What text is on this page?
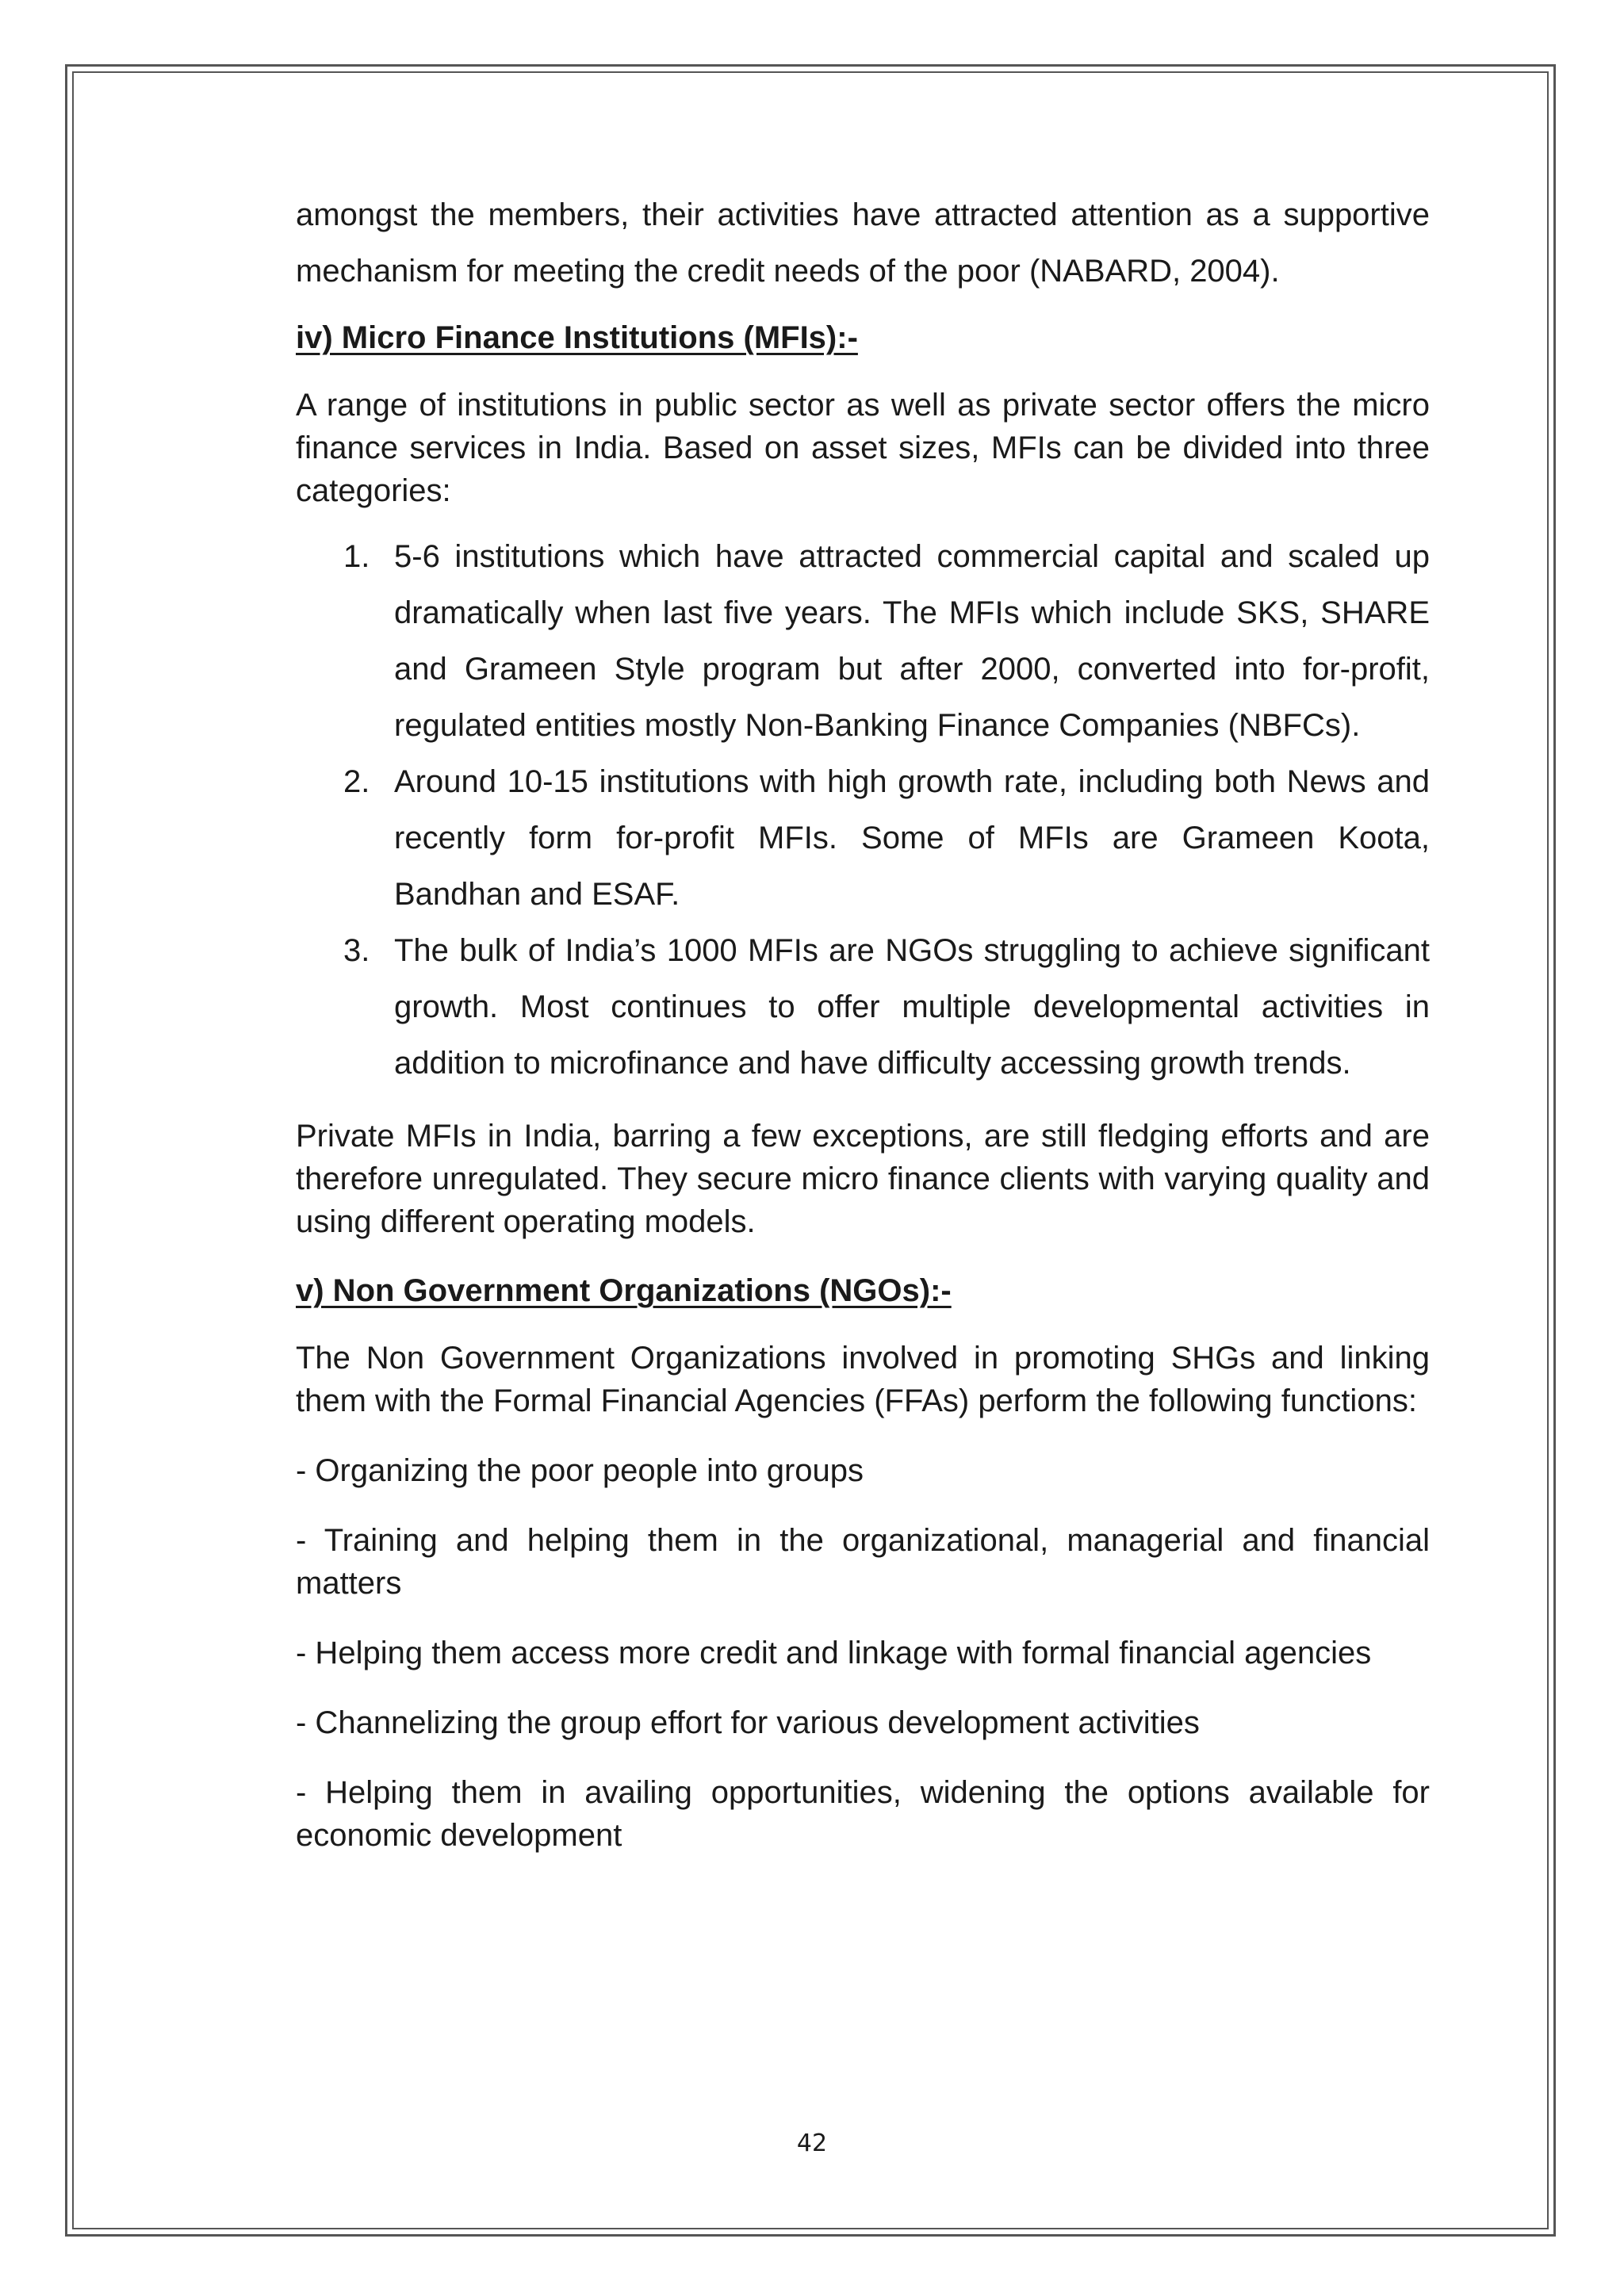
amongst the members, their activities have attracted attention as a supportive mechanism for meeting the credit needs of the poor (NABARD, 2004).

iv) Micro Finance Institutions (MFIs):-

A range of institutions in public sector as well as private sector offers the micro finance services in India. Based on asset sizes, MFIs can be divided into three categories:

1. 5-6 institutions which have attracted commercial capital and scaled up dramatically when last five years. The MFIs which include SKS, SHARE and Grameen Style program but after 2000, converted into for-profit, regulated entities mostly Non-Banking Finance Companies (NBFCs).
2. Around 10-15 institutions with high growth rate, including both News and recently form for-profit MFIs. Some of MFIs are Grameen Koota, Bandhan and ESAF.
3. The bulk of India’s 1000 MFIs are NGOs struggling to achieve significant growth. Most continues to offer multiple developmental activities in addition to microfinance and have difficulty accessing growth trends.

Private MFIs in India, barring a few exceptions, are still fledging efforts and are therefore unregulated. They secure micro finance clients with varying quality and using different operating models.

v) Non Government Organizations (NGOs):-

The Non Government Organizations involved in promoting SHGs and linking them with the Formal Financial Agencies (FFAs) perform the following functions:

- Organizing the poor people into groups

- Training and helping them in the organizational, managerial and financial matters

- Helping them access more credit and linkage with formal financial agencies

- Channelizing the group effort for various development activities

- Helping them in availing opportunities, widening the options available for economic development

42
